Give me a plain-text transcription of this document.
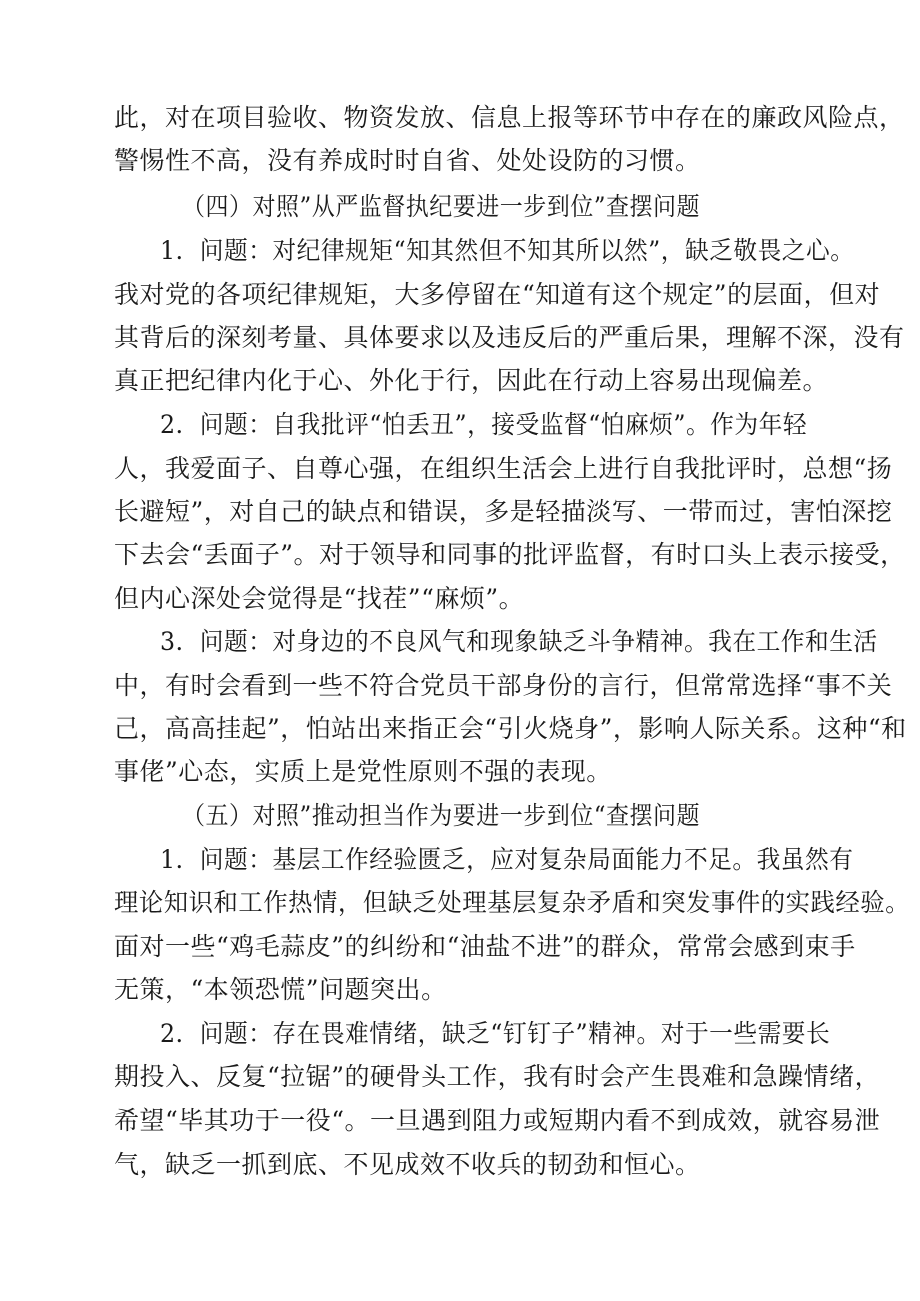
此，对在项目验收、物资发放、信息上报等环节中存在的廉政风险点，
警惕性不高，没有养成时时自省、处处设防的习惯。
（四）对照”从严监督执纪要进一步到位”查摆问题
1．问题：对纪律规矩“知其然但不知其所以然”，缺乏敬畏之心。
我对党的各项纪律规矩，大多停留在“知道有这个规定”的层面，但对
其背后的深刻考量、具体要求以及违反后的严重后果，理解不深，没有
真正把纪律内化于心、外化于行，因此在行动上容易出现偏差。
2．问题：自我批评“怕丢丑”，接受监督“怕麻烦”。作为年轻
人，我爱面子、自尊心强，在组织生活会上进行自我批评时，总想“扬
长避短”，对自己的缺点和错误，多是轻描淡写、一带而过，害怕深挖
下去会“丢面子”。对于领导和同事的批评监督，有时口头上表示接受，
但内心深处会觉得是“找茬”“麻烦”。
3．问题：对身边的不良风气和现象缺乏斗争精神。我在工作和生活
中，有时会看到一些不符合党员干部身份的言行，但常常选择“事不关
己，高高挂起”，怕站出来指正会“引火烧身”，影响人际关系。这种“和
事佬”心态，实质上是党性原则不强的表现。
（五）对照”推动担当作为要进一步到位“查摆问题
1．问题：基层工作经验匮乏，应对复杂局面能力不足。我虽然有
理论知识和工作热情，但缺乏处理基层复杂矛盾和突发事件的实践经验。
面对一些“鸡毛蒜皮”的纠纷和“油盐不进”的群众，常常会感到束手
无策，“本领恐慌”问题突出。
2．问题：存在畏难情绪，缺乏“钉钉子”精神。对于一些需要长
期投入、反复“拉锯”的硬骨头工作，我有时会产生畏难和急躁情绪，
希望“毕其功于一役“。一旦遇到阻力或短期内看不到成效，就容易泄
气，缺乏一抓到底、不见成效不收兵的韧劲和恒心。
